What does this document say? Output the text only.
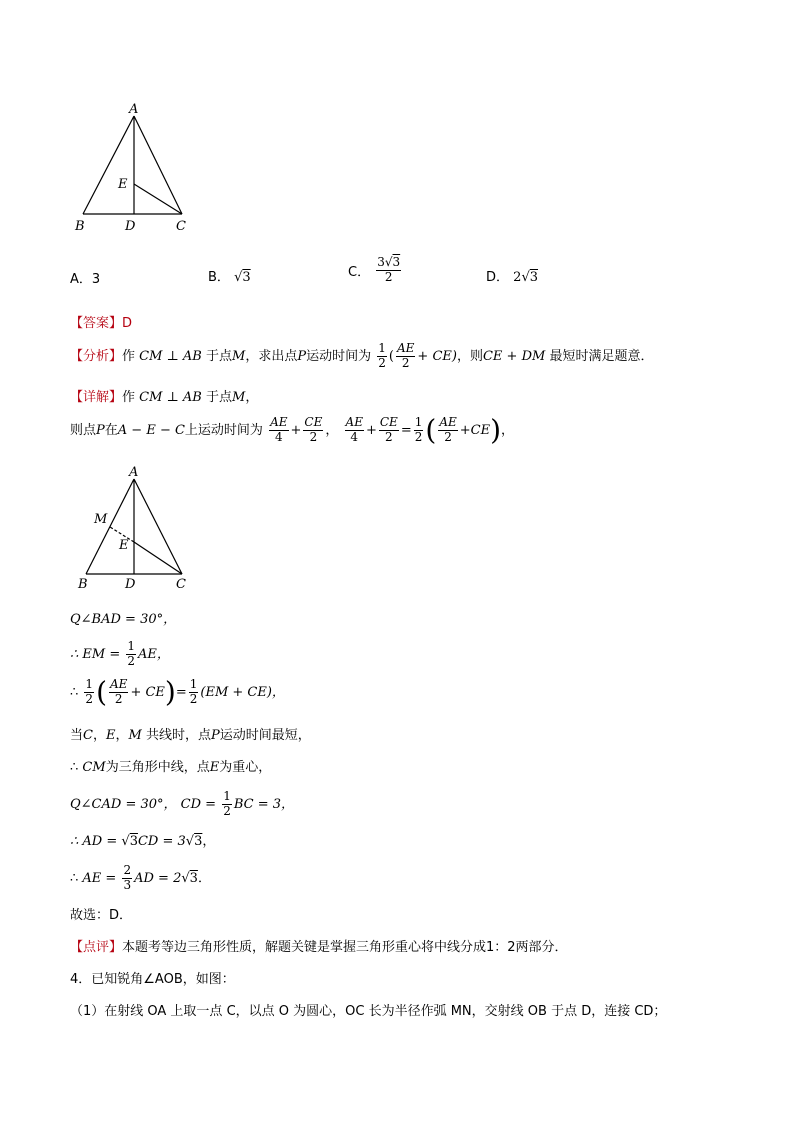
A
B	D	C
E
A．3	B． √3	C． $\frac{3√3}{2}$	D． 2√3
【答案】D
【分析】作 CM ⊥ AB 于点M，求出点P运动时间为 $\frac{1}{2}$ ( $\frac{AE}{2} + CE$)，则CE + DM 最短时满足题意．
【详解】作 CM ⊥ AB 于点M，
则点P在A − E − C上运动时间为 $\frac{AE}{4} + \frac{CE}{2}$ ， $\frac{AE}{4} + \frac{CE}{2} = \frac{1}{2}$ ( $\frac{AE}{2} +CE$)，
A
M
E
B	D	C
Q∠BAD = 30°，
∴ EM = $\frac{1}{2}$ AE，
∴ $\frac{1}{2}$ ( $\frac{AE}{2} + CE)= \frac{1}{2} (EM + CE)$，
当C，E，M 共线时，点P运动时间最短，
∴ CM为三角形中线，点E为重心，
Q∠CAD = 30°， CD = $\frac{1}{2}$ BC = 3，
∴ AD = √3CD = 3√3，
∴ AE = $\frac{2}{3}$ AD = 2√3．
故选：D．
【点评】本题考等边三角形性质，解题关键是掌握三角形重心将中线分成1：2两部分．
4．已知锐角∠AOB，如图：
（1）在射线 OA 上取一点 C，以点 O 为圆心，OC 长为半径作弧 MN，交射线 OB 于点 D，连接 CD；
